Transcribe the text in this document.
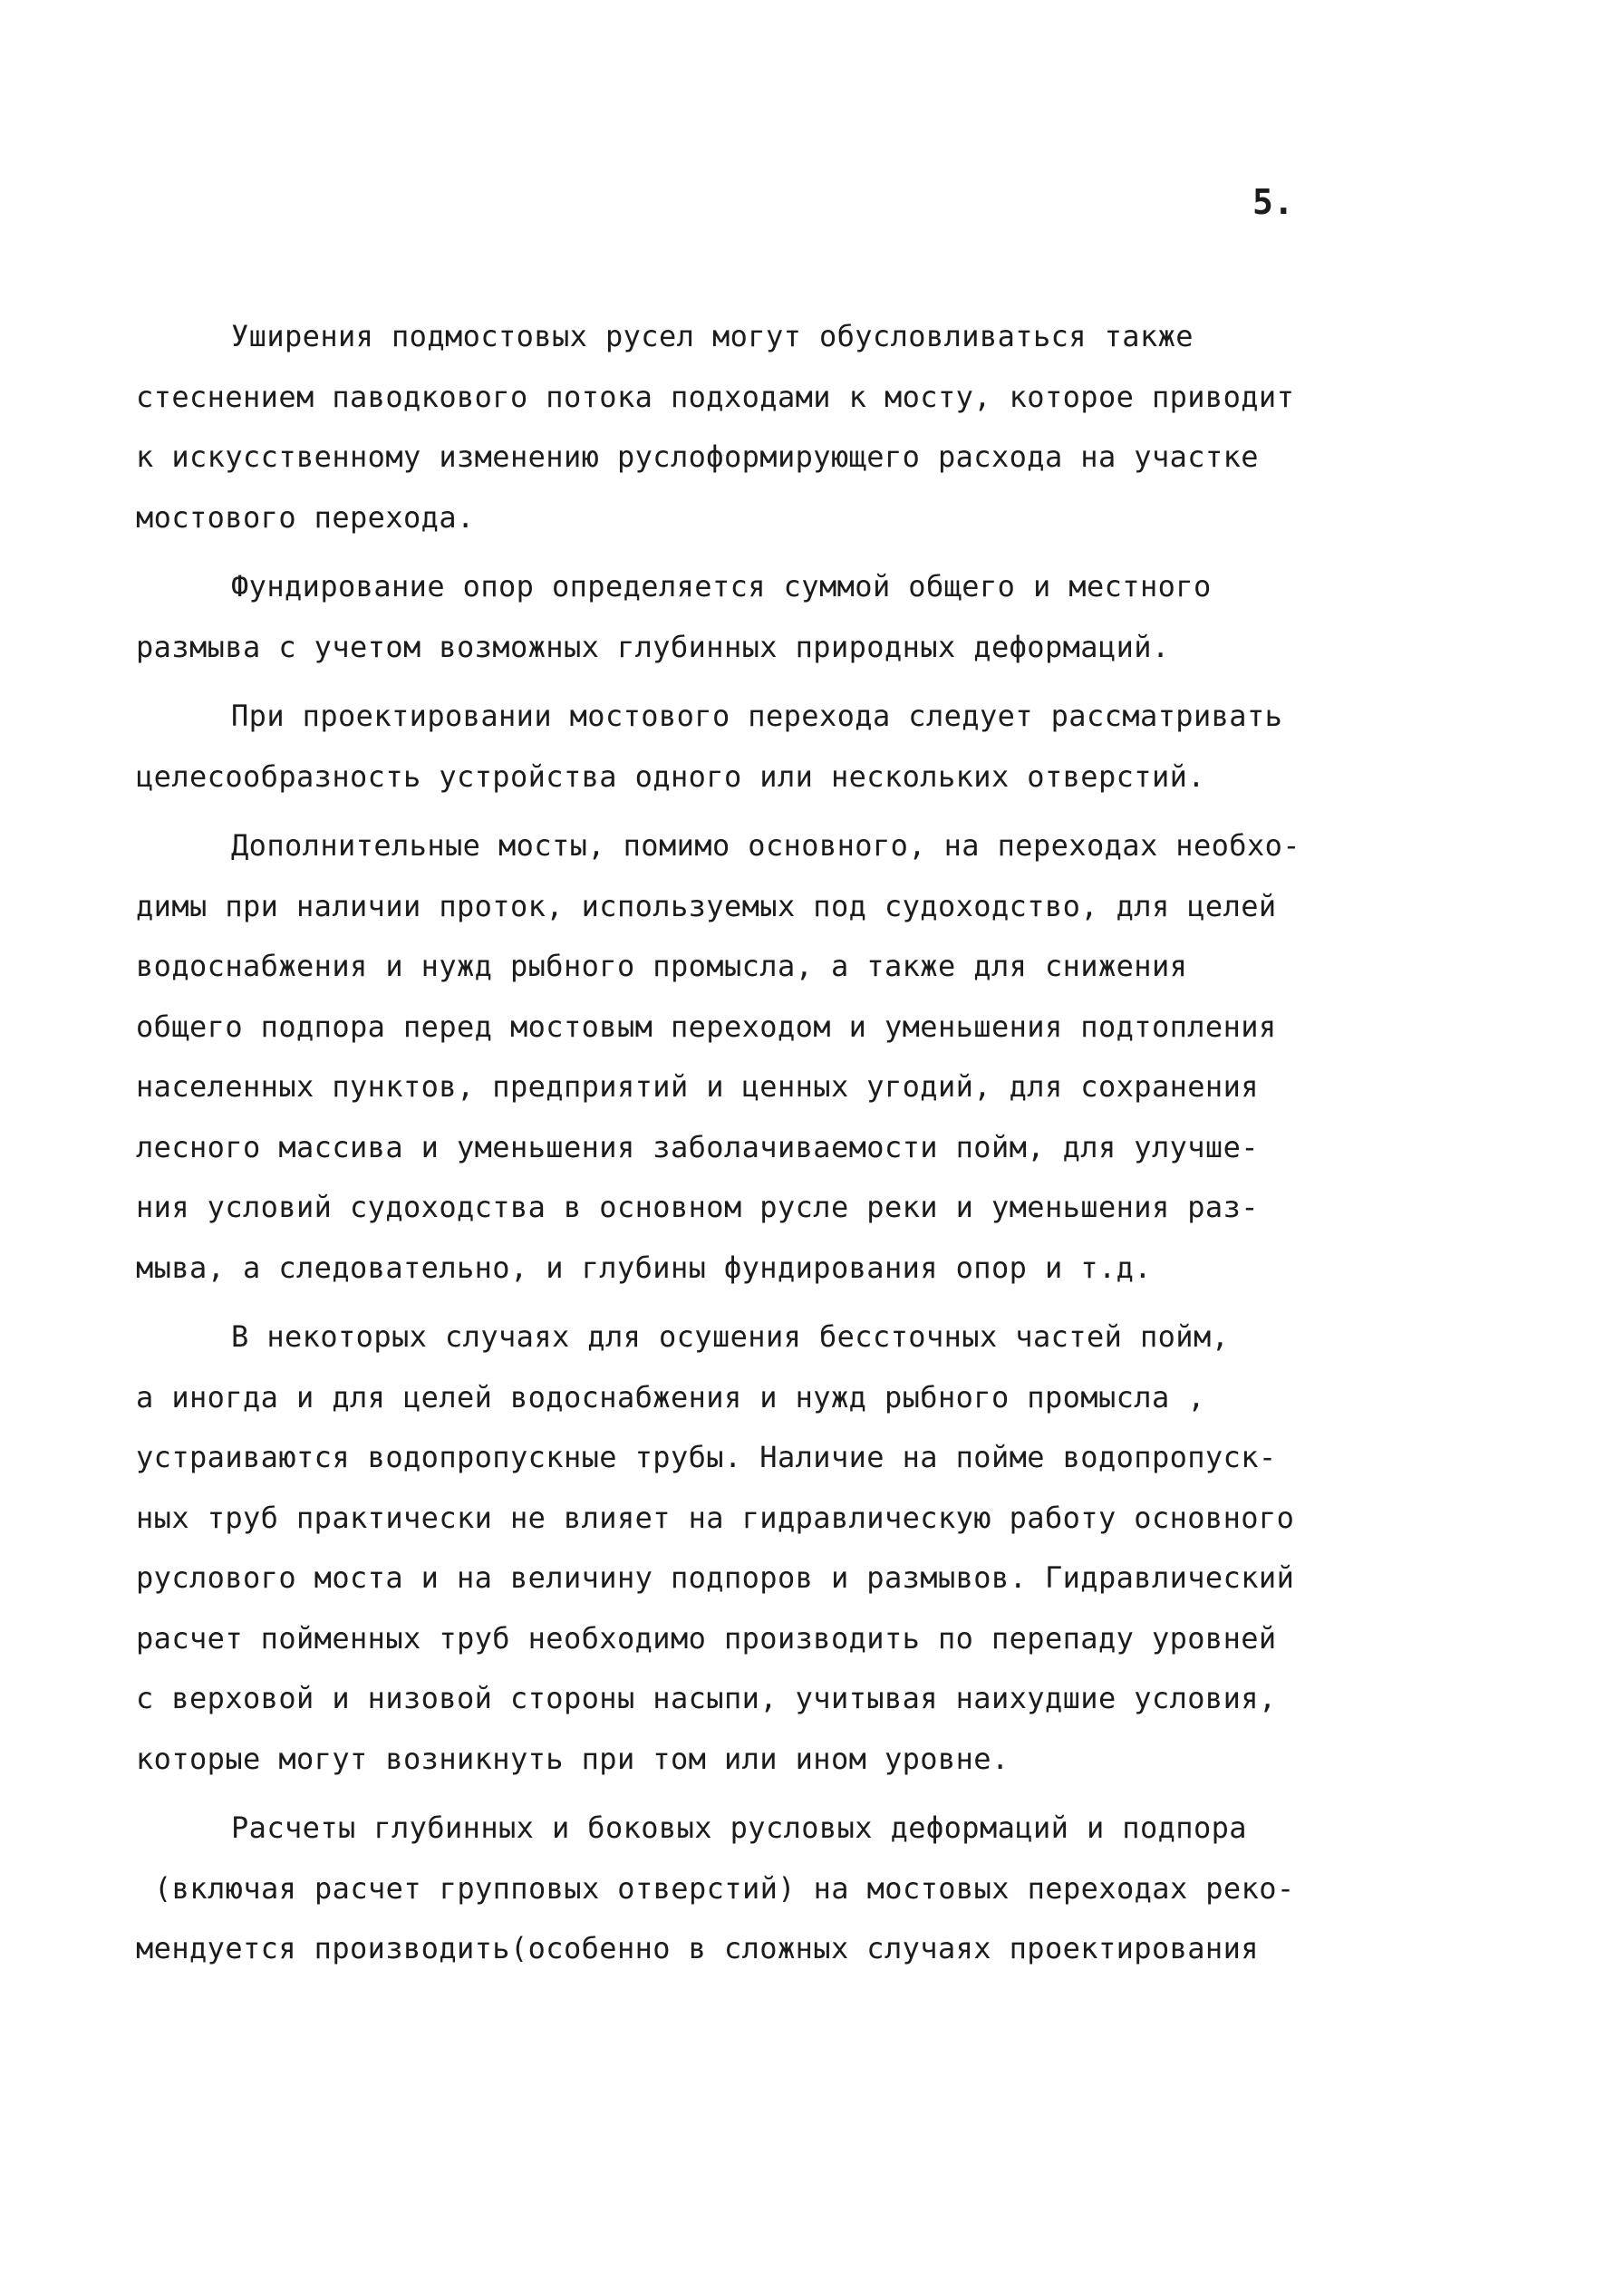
5.
Уширения подмостовых русел могут обусловливаться также
стеснением паводкового потока подходами к мосту, которое приводит
к искусственному изменению руслоформирующего расхода на участке
мостового перехода.
Фундирование опор определяется суммой общего и местного
размыва с учетом возможных глубинных природных деформаций.
При проектировании мостового перехода следует рассматривать
целесообразность устройства одного или нескольких отверстий.
Дополнительные мосты, помимо основного, на переходах необхо-
димы при наличии проток, используемых под судоходство, для целей
водоснабжения и нужд рыбного промысла, а также для снижения
общего подпора перед мостовым переходом и уменьшения подтопления
населенных пунктов, предприятий и ценных угодий, для сохранения
лесного массива и уменьшения заболачиваемости пойм, для улучше-
ния условий судоходства в основном русле реки и уменьшения раз-
мыва, а следовательно, и глубины фундирования опор и т.д.
В некоторых случаях для осушения бессточных частей пойм,
а иногда и для целей водоснабжения и нужд рыбного промысла ,
устраиваются водопропускные трубы. Наличие на пойме водопропуск-
ных труб практически не влияет на гидравлическую работу основного
руслового моста и на величину подпоров и размывов. Гидравлический
расчет пойменных труб необходимо производить по перепаду уровней
с верховой и низовой стороны насыпи, учитывая наихудшие условия,
которые могут возникнуть при том или ином уровне.
Расчеты глубинных и боковых русловых деформаций и подпора
(включая расчет групповых отверстий) на мостовых переходах реко-
мендуется производить(особенно в сложных случаях проектирования
